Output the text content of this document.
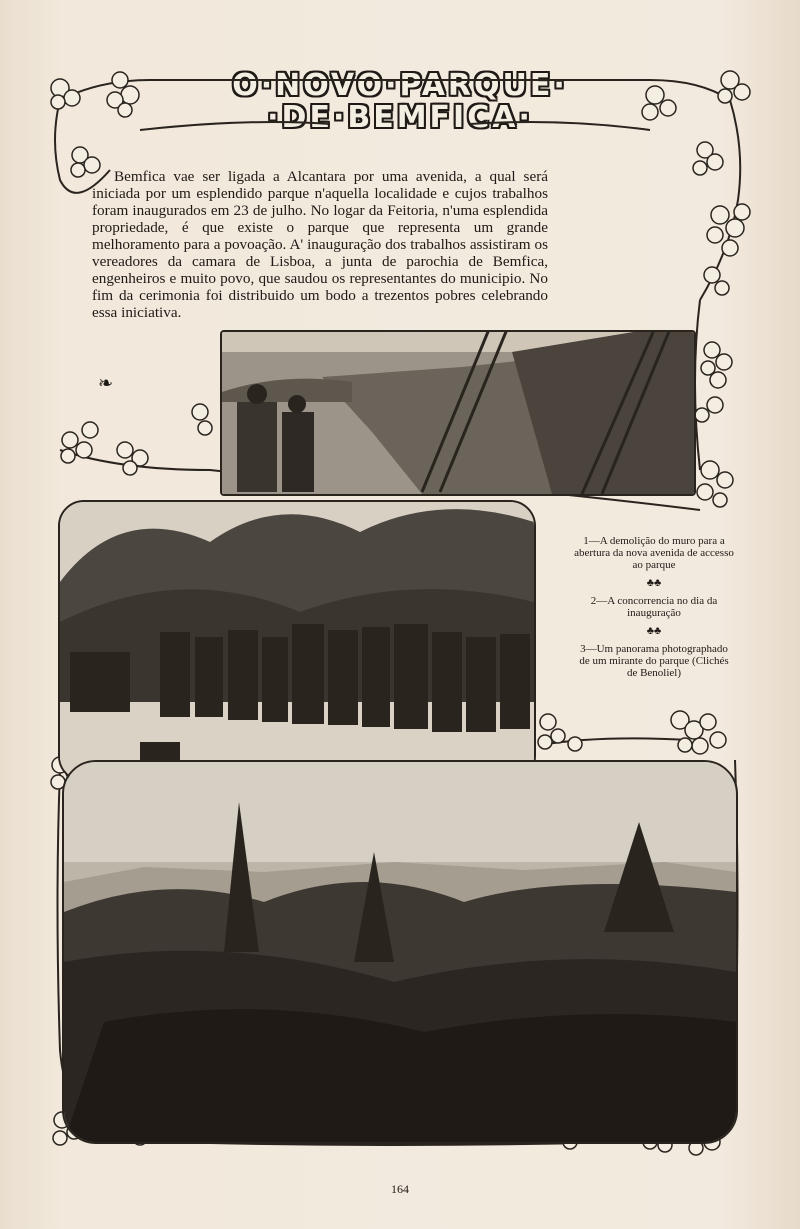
O·NOVO·PARQUE·
·DE·BEMFICA·

Bemfica vae ser ligada a Alcantara por uma avenida, a qual será iniciada por um esplendido parque n'aquella localidade e cujos trabalhos foram inaugurados em 23 de julho. No logar da Feitoria, n'uma esplendida propriedade, é que existe o parque que representa um grande melhoramento para a povoação. A' inauguração dos trabalhos assistiram os vereadores da camara de Lisboa, a junta de parochia de Bemfica, engenheiros e muito povo, que saudou os representantes do municipio. No fim da cerimonia foi distribuido um bodo a trezentos pobres celebrando essa iniciativa.

❧

1—A demolição do muro para a abertura da nova avenida de accesso ao parque

♣♣

2—A concorrencia no dia da inauguração

♣♣

3—Um panorama photographado de um mirante do parque (Clichés de Benoliel)

164
